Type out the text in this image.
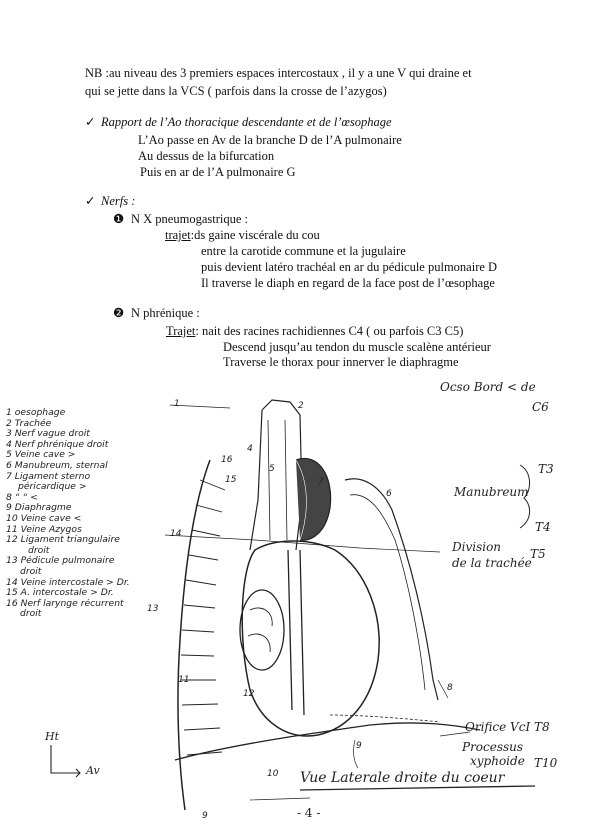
NB :au niveau des 3 premiers espaces intercostaux , il y a une V qui draine et
qui se jette dans la VCS ( parfois dans la crosse de l’azygos)
✓ Rapport de l’Ao thoracique descendante et de l’œsophage
L’Ao passe en Av de la branche D de l’A pulmonaire
Au dessus de la bifurcation
Puis en ar de l’A pulmonaire G
✓ Nerfs :
❶ N X pneumogastrique :
trajet:ds gaine viscérale du cou
entre la carotide commune et la jugulaire
puis devient latéro trachéal en ar du pédicule pulmonaire D
Il traverse le diaph en regard de la face post de l’œsophage
❷ N phrénique :
Trajet: nait des racines rachidiennes C4 ( ou parfois C3 C5)
Descend jusqu’au tendon du muscle scalène antérieur
Traverse le thorax pour innerver le diaphragme
1	2
16
15
4
5
7
6
14
12
11
8
9
9
10
13
1 oesophage
2 Trachée
3 Nerf vague droit
4 Nerf phrénique droit
5 Veine cave >
6 Manubreum, sternal
7 Ligament sterno
péricardique >
8 “ “ <
9 Diaphragme
10 Veine cave <
11 Veine Azygos
12 Ligament triangulaire
droit
13 Pédicule pulmonaire
droit
14 Veine intercostale > Dr.
15 A. intercostale > Dr.
16 Nerf larynge récurrent
droit
Ocso Bord < de
C6
T3
Manubreum
T4
Division
de la trachée
T5
Orifice VcI T8
Processus
xyphoide T10
Ht
Av	Vue Laterale droite du coeur
- 4 -
